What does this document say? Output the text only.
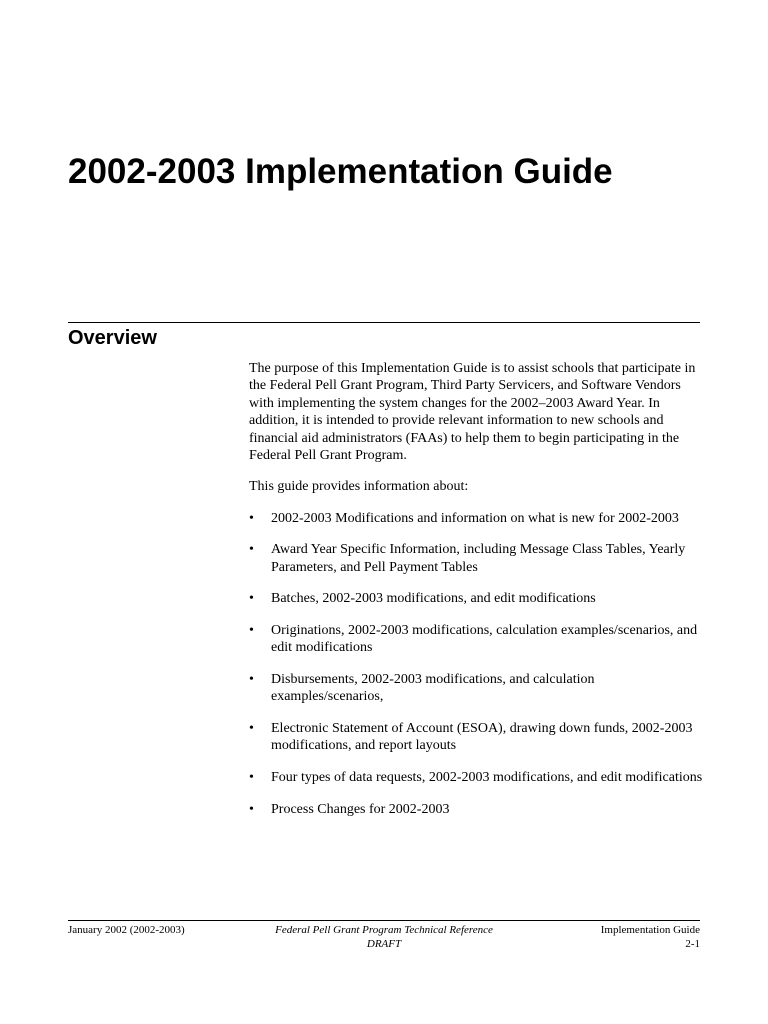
2002-2003 Implementation Guide
Overview

The purpose of this Implementation Guide is to assist schools that participate in the Federal Pell Grant Program, Third Party Servicers, and Software Vendors with implementing the system changes for the 2002–2003 Award Year. In addition, it is intended to provide relevant information to new schools and financial aid administrators (FAAs) to help them to begin participating in the Federal Pell Grant Program.

This guide provides information about:

• 2002-2003 Modifications and information on what is new for 2002-2003
• Award Year Specific Information, including Message Class Tables, Yearly Parameters, and Pell Payment Tables
• Batches, 2002-2003 modifications, and edit modifications
• Originations, 2002-2003 modifications, calculation examples/scenarios, and edit modifications
• Disbursements, 2002-2003 modifications, and calculation examples/scenarios,
• Electronic Statement of Account (ESOA), drawing down funds, 2002-2003 modifications, and report layouts
• Four types of data requests, 2002-2003 modifications, and edit modifications
• Process Changes for 2002-2003
January 2002 (2002-2003)	Federal Pell Grant Program Technical Reference
DRAFT
Implementation Guide
2-1
